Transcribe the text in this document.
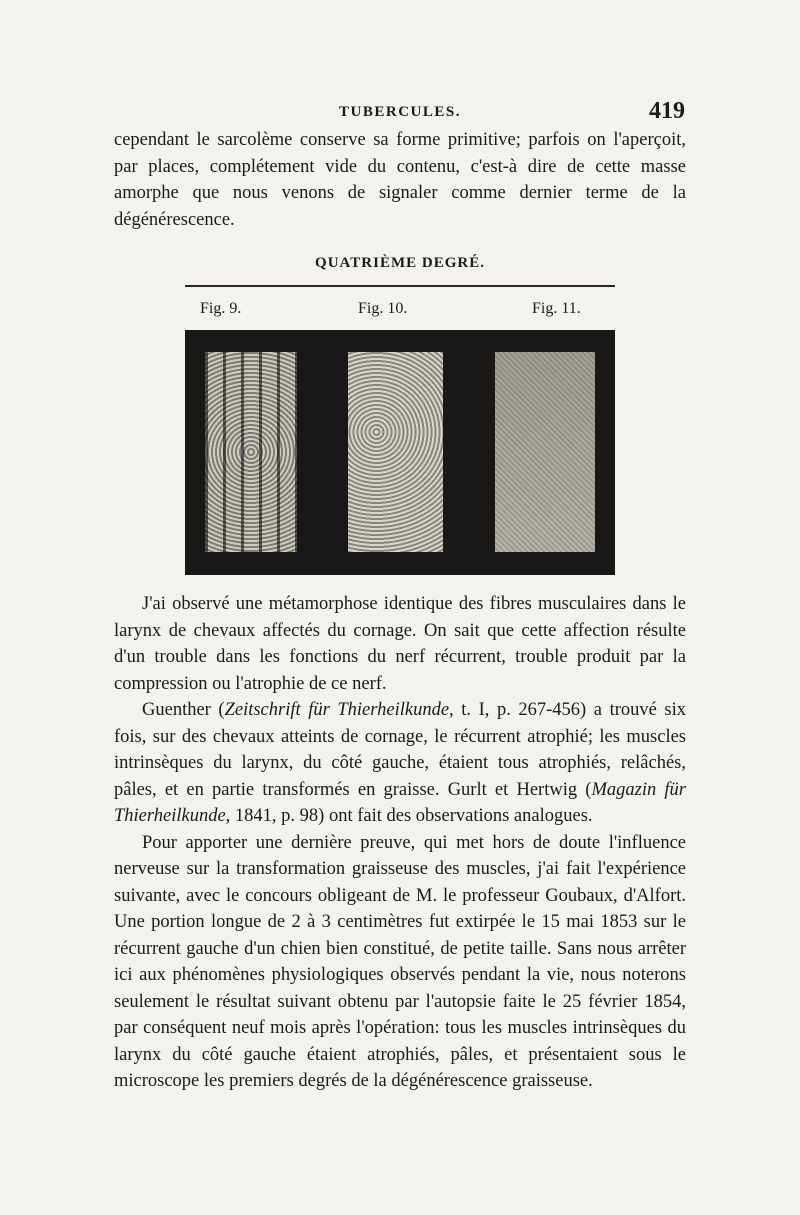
TUBERCULES.	419

cependant le sarcolème conserve sa forme primitive; parfois on l'aperçoit, par places, complétement vide du contenu, c'est-à dire de cette masse amorphe que nous venons de signaler comme dernier terme de la dégénérescence.

QUATRIÈME DEGRÉ.
Fig. 9.	Fig. 10.	Fig. 11.
J'ai observé une métamorphose identique des fibres musculaires dans le larynx de chevaux affectés du cornage. On sait que cette affection résulte d'un trouble dans les fonctions du nerf récurrent, trouble produit par la compression ou l'atrophie de ce nerf.
Guenther (Zeitschrift für Thierheilkunde, t. I, p. 267-456) a trouvé six fois, sur des chevaux atteints de cornage, le récurrent atrophié; les muscles intrinsèques du larynx, du côté gauche, étaient tous atrophiés, relâchés, pâles, et en partie transformés en graisse. Gurlt et Hertwig (Magazin für Thierheilkunde, 1841, p. 98) ont fait des observations analogues.
Pour apporter une dernière preuve, qui met hors de doute l'influence nerveuse sur la transformation graisseuse des muscles, j'ai fait l'expérience suivante, avec le concours obligeant de M. le professeur Goubaux, d'Alfort. Une portion longue de 2 à 3 centimètres fut extirpée le 15 mai 1853 sur le récurrent gauche d'un chien bien constitué, de petite taille. Sans nous arrêter ici aux phénomènes physiologiques observés pendant la vie, nous noterons seulement le résultat suivant obtenu par l'autopsie faite le 25 février 1854, par conséquent neuf mois après l'opération: tous les muscles intrinsèques du larynx du côté gauche étaient atrophiés, pâles, et présentaient sous le microscope les premiers degrés de la dégénérescence graisseuse.
